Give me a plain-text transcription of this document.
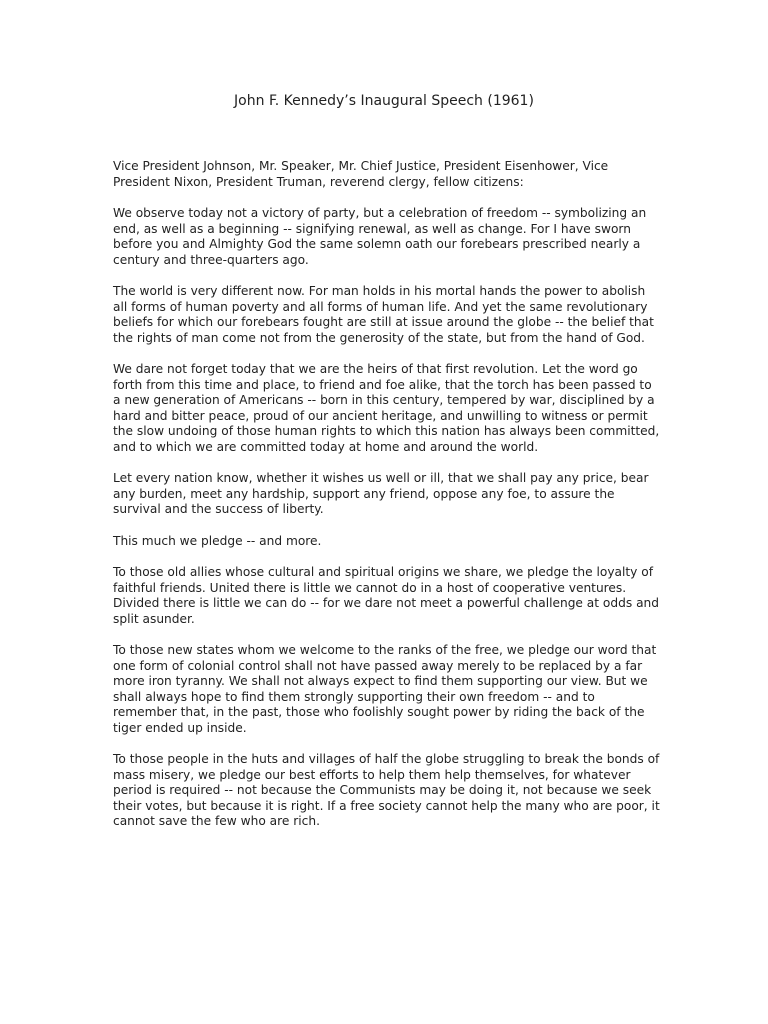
John F. Kennedy’s Inaugural Speech (1961)

Vice President Johnson, Mr. Speaker, Mr. Chief Justice, President Eisenhower, Vice President Nixon, President Truman, reverend clergy, fellow citizens:

We observe today not a victory of party, but a celebration of freedom -- symbolizing an end, as well as a beginning -- signifying renewal, as well as change. For I have sworn before you and Almighty God the same solemn oath our forebears prescribed nearly a century and three-quarters ago.

The world is very different now. For man holds in his mortal hands the power to abolish all forms of human poverty and all forms of human life. And yet the same revolutionary beliefs for which our forebears fought are still at issue around the globe -- the belief that the rights of man come not from the generosity of the state, but from the hand of God.

We dare not forget today that we are the heirs of that first revolution. Let the word go forth from this time and place, to friend and foe alike, that the torch has been passed to a new generation of Americans -- born in this century, tempered by war, disciplined by a hard and bitter peace, proud of our ancient heritage, and unwilling to witness or permit the slow undoing of those human rights to which this nation has always been committed, and to which we are committed today at home and around the world.

Let every nation know, whether it wishes us well or ill, that we shall pay any price, bear any burden, meet any hardship, support any friend, oppose any foe, to assure the survival and the success of liberty.

This much we pledge -- and more.

To those old allies whose cultural and spiritual origins we share, we pledge the loyalty of faithful friends. United there is little we cannot do in a host of cooperative ventures. Divided there is little we can do -- for we dare not meet a powerful challenge at odds and split asunder.

To those new states whom we welcome to the ranks of the free, we pledge our word that one form of colonial control shall not have passed away merely to be replaced by a far more iron tyranny. We shall not always expect to find them supporting our view. But we shall always hope to find them strongly supporting their own freedom -- and to remember that, in the past, those who foolishly sought power by riding the back of the tiger ended up inside.

To those people in the huts and villages of half the globe struggling to break the bonds of mass misery, we pledge our best efforts to help them help themselves, for whatever period is required -- not because the Communists may be doing it, not because we seek their votes, but because it is right. If a free society cannot help the many who are poor, it cannot save the few who are rich.
